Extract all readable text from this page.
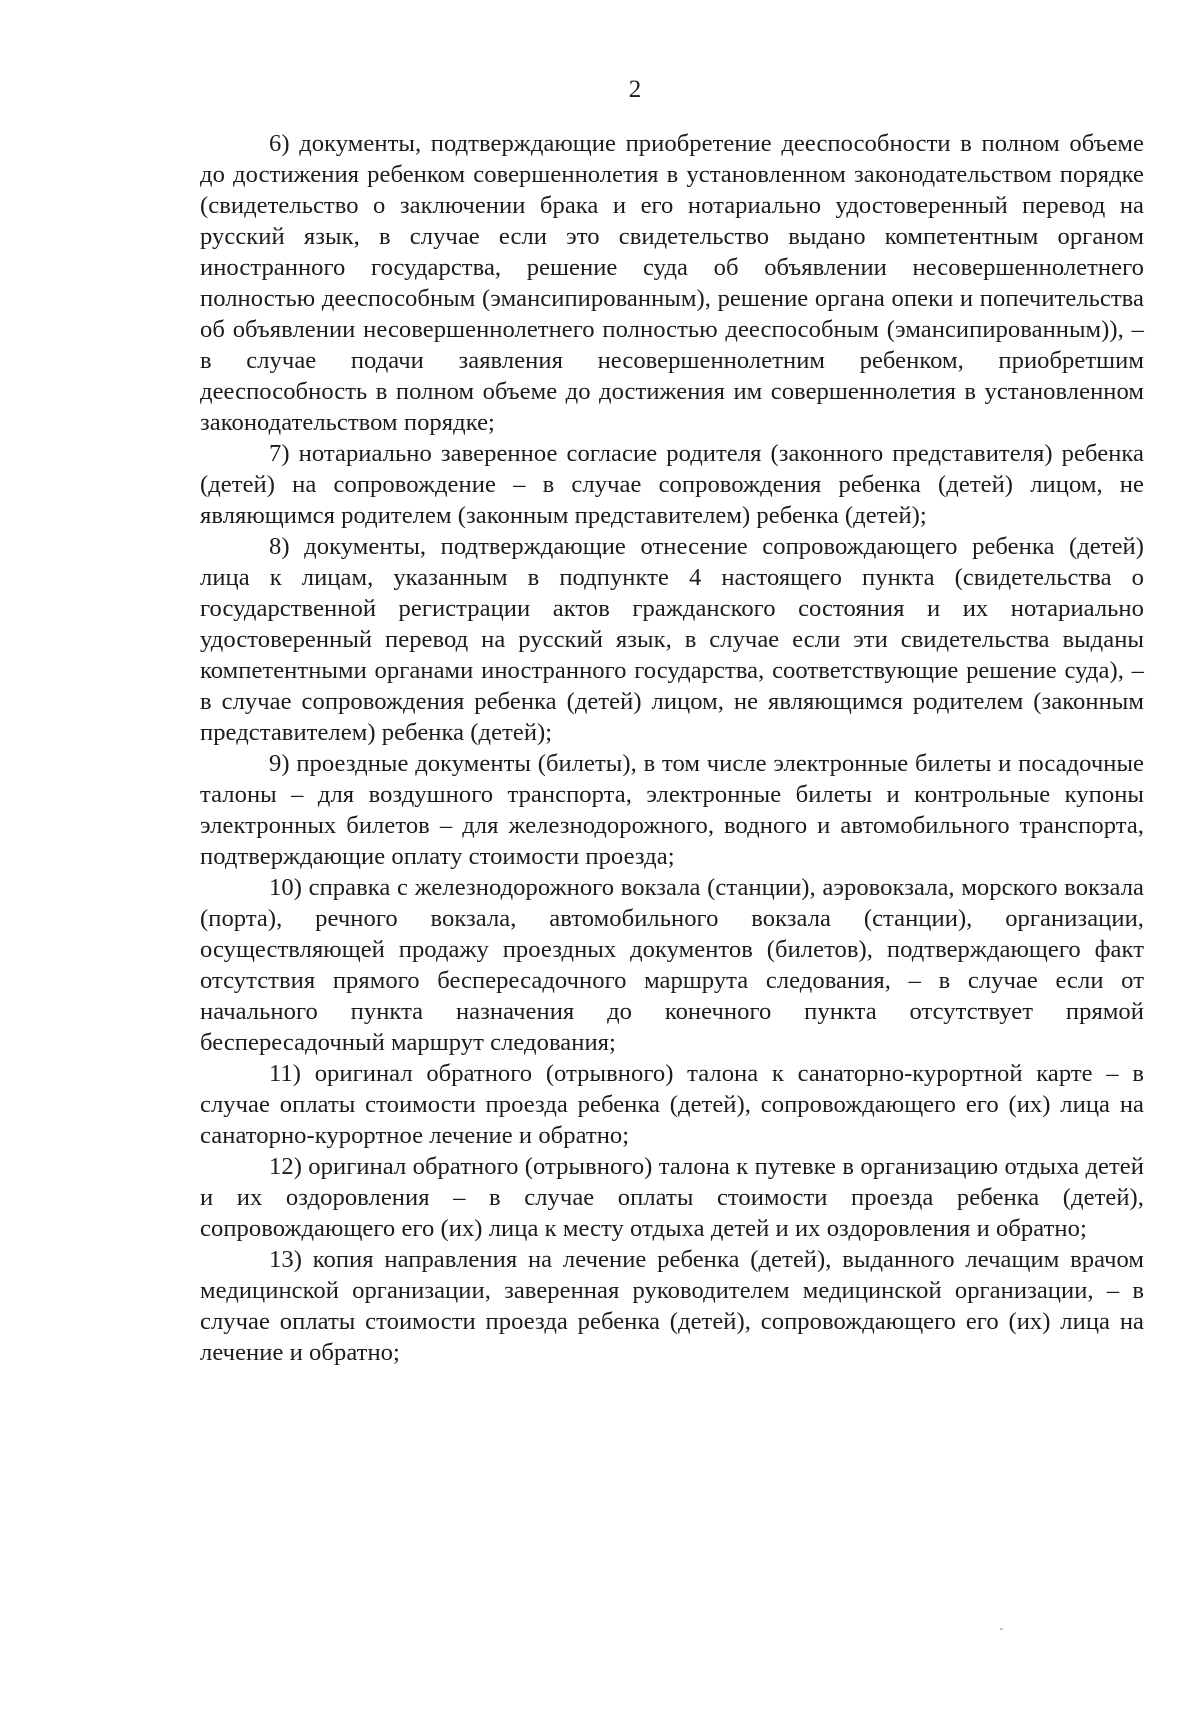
2

6) документы, подтверждающие приобретение дееспособности в полном объеме до достижения ребенком совершеннолетия в установленном законодательством порядке (свидетельство о заключении брака и его нотариально удостоверенный перевод на русский язык, в случае если это свидетельство выдано компетентным органом иностранного государства, решение суда об объявлении несовершеннолетнего полностью дееспособным (эмансипированным), решение органа опеки и попечительства об объявлении несовершеннолетнего полностью дееспособным (эмансипированным)), – в случае подачи заявления несовершеннолетним ребенком, приобретшим дееспособность в полном объеме до достижения им совершеннолетия в установленном законодательством порядке;

7) нотариально заверенное согласие родителя (законного представителя) ребенка (детей) на сопровождение – в случае сопровождения ребенка (детей) лицом, не являющимся родителем (законным представителем) ребенка (детей);

8) документы, подтверждающие отнесение сопровождающего ребенка (детей) лица к лицам, указанным в подпункте 4 настоящего пункта (свидетельства о государственной регистрации актов гражданского состояния и их нотариально удостоверенный перевод на русский язык, в случае если эти свидетельства выданы компетентными органами иностранного государства, соответствующие решение суда), – в случае сопровождения ребенка (детей) лицом, не являющимся родителем (законным представителем) ребенка (детей);

9) проездные документы (билеты), в том числе электронные билеты и посадочные талоны – для воздушного транспорта, электронные билеты и контрольные купоны электронных билетов – для железнодорожного, водного и автомобильного транспорта, подтверждающие оплату стоимости проезда;

10) справка с железнодорожного вокзала (станции), аэровокзала, морского вокзала (порта), речного вокзала, автомобильного вокзала (станции), организации, осуществляющей продажу проездных документов (билетов), подтверждающего факт отсутствия прямого беспересадочного маршрута следования, – в случае если от начального пункта назначения до конечного пункта отсутствует прямой беспересадочный маршрут следования;

11) оригинал обратного (отрывного) талона к санаторно-курортной карте – в случае оплаты стоимости проезда ребенка (детей), сопровождающего его (их) лица на санаторно-курортное лечение и обратно;

12) оригинал обратного (отрывного) талона к путевке в организацию отдыха детей и их оздоровления – в случае оплаты стоимости проезда ребенка (детей), сопровождающего его (их) лица к месту отдыха детей и их оздоровления и обратно;

13) копия направления на лечение ребенка (детей), выданного лечащим врачом медицинской организации, заверенная руководителем медицинской организации, – в случае оплаты стоимости проезда ребенка (детей), сопровождающего его (их) лица на лечение и обратно;
